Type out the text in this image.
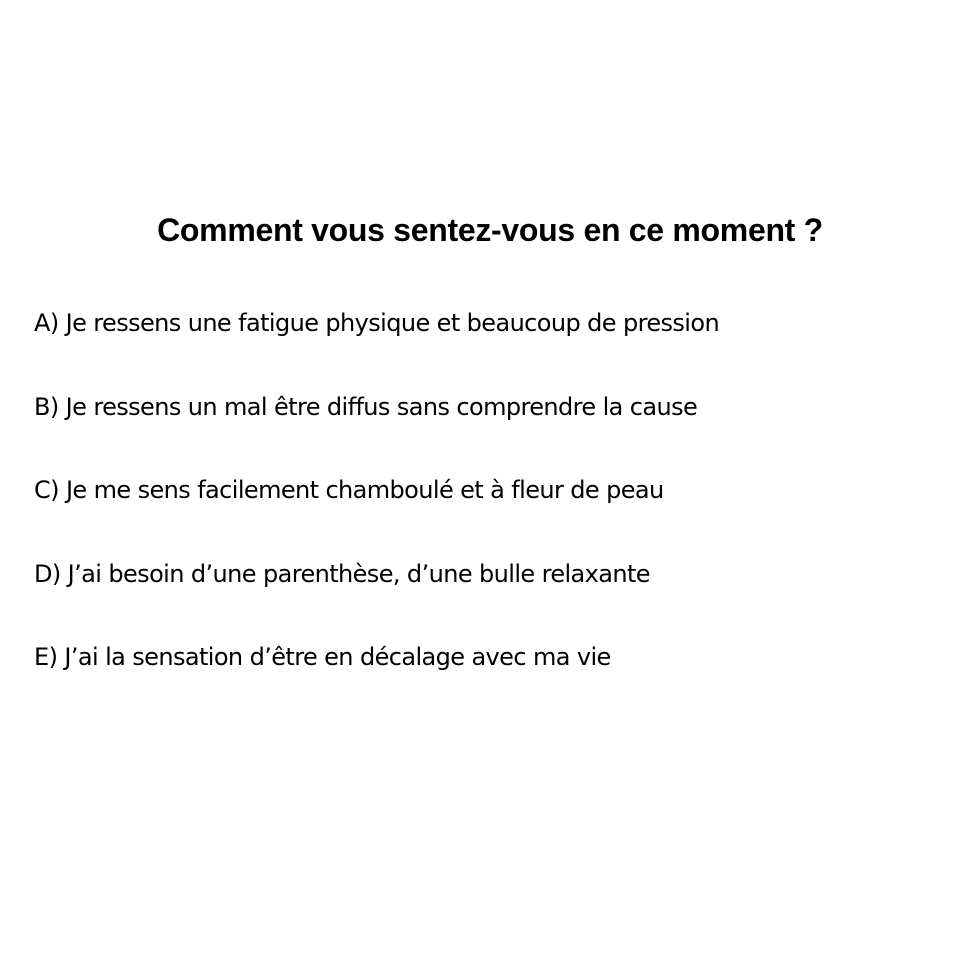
Comment vous sentez-vous en ce moment ?
A) Je ressens une fatigue physique et beaucoup de pression
B) Je ressens un mal être diffus sans comprendre la cause
C) Je me sens facilement chamboulé et à fleur de peau
D) J’ai besoin d’une parenthèse, d’une bulle relaxante
E) J’ai la sensation d’être en décalage avec ma vie
